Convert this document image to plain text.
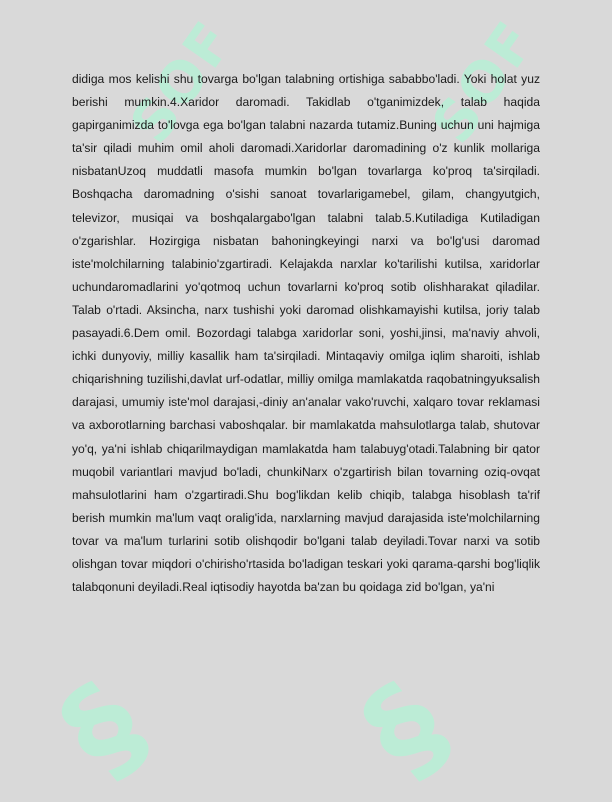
SOF	SOF
§ §

didiga mos kelishi shu tovarga bo'lgan talabning ortishiga sababbo'ladi. Yoki holat yuz berishi mumkin.4.Xaridor daromadi. Takidlab o'tganimizdek, talab haqida gapirganimizda to'lovga ega bo'lgan talabni nazarda tutamiz.Buning uchun uni hajmiga ta'sir qiladi muhim omil aholi daromadi.Xaridorlar daromadining o'z kunlik mollariga nisbatanUzoq muddatli masofa mumkin bo'lgan tovarlarga ko'proq ta'sirqiladi. Boshqacha daromadning o'sishi sanoat tovarlarigamebel, gilam, changyutgich, televizor, musiqai va boshqalargabo'lgan talabni talab.5.Kutiladiga Kutiladigan o'zgarishlar. Hozirgiga nisbatan bahoningkeyingi narxi va bo'lg'usi daromad iste'molchilarning talabinio'zgartiradi. Kelajakda narxlar ko'tarilishi kutilsa, xaridorlar uchundaromadlarini yo'qotmoq uchun tovarlarni ko'proq sotib olishharakat qiladilar. Talab o'rtadi. Aksincha, narx tushishi yoki daromad olishkamayishi kutilsa, joriy talab pasayadi.6.Dem omil. Bozordagi talabga xaridorlar soni, yoshi,jinsi, ma'naviy ahvoli, ichki dunyoviy, milliy kasallik ham ta'sirqiladi. Mintaqaviy omilga iqlim sharoiti, ishlab chiqarishning tuzilishi,davlat urf-odatlar, milliy omilga mamlakatda raqobatningyuksalish darajasi, umumiy iste'mol darajasi,-diniy an'analar vako'ruvchi, xalqaro tovar reklamasi va axborotlarning barchasi vaboshqalar. bir mamlakatda mahsulotlarga talab, shutovar yo'q, ya'ni ishlab chiqarilmaydigan mamlakatda ham talabuyg'otadi.Talabning bir qator muqobil variantlari mavjud bo'ladi, chunkiNarx o'zgartirish bilan tovarning oziq-ovqat mahsulotlarini ham o'zgartiradi.Shu bog'likdan kelib chiqib, talabga hisoblash ta'rif berish mumkin ma'lum vaqt oralig'ida, narxlarning mavjud darajasida iste'molchilarning tovar va ma'lum turlarini sotib olishqodir bo'lgani talab deyiladi.Tovar narxi va sotib olishgan tovar miqdori o'chirisho'rtasida bo'ladigan teskari yoki qarama-qarshi bog'liqlik talabqonuni deyiladi.Real iqtisodiy hayotda ba'zan bu qoidaga zid bo'lgan, ya'ni
